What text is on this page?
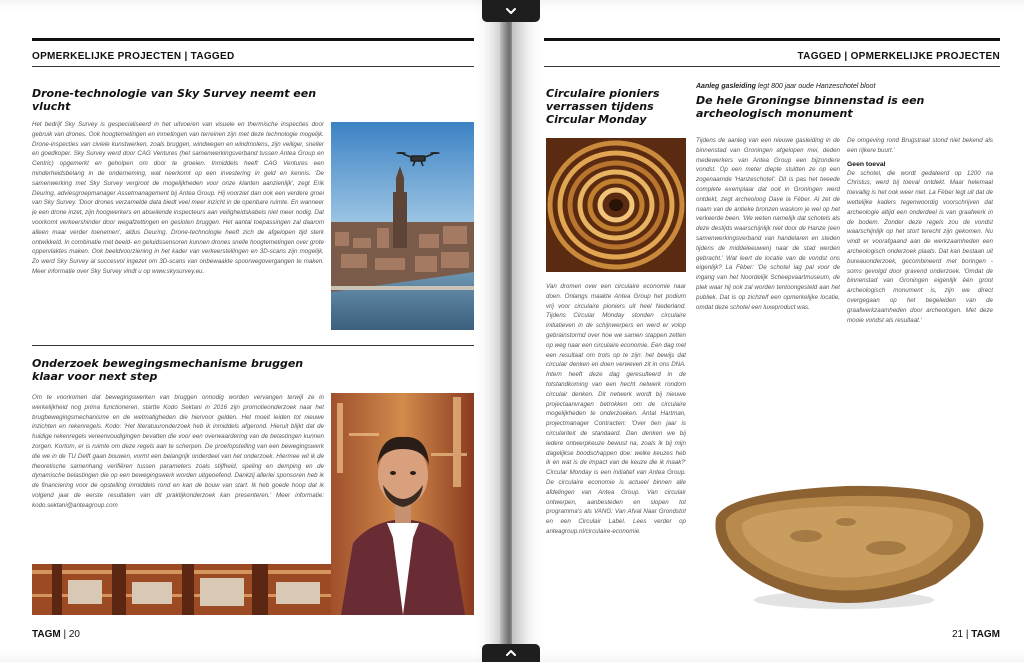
OPMERKELIJKE PROJECTEN | TAGGED
Drone-technologie van Sky Survey neemt een vlucht
Het bedrijf Sky Survey is gespecialiseerd in het uitvoeren van visuele en thermische inspecties door gebruik van drones. Ook hoogtemetingen en inmetingen van terreinen zijn met deze technologie mogelijk. Drone-inspecties van civiele kunstwerken, zoals bruggen, windwegen en windmolens, zijn veiliger, sneller en goedkoper. Sky Survey werd door CAG Ventures (het samenwerkingsverband tussen Antea Group en Centric) opgemerkt en geholpen om door te groeien. Inmiddels heeft CAG Ventures een minderheidsbelang in de onderneming, wat neerkomt op een investering in geld en kennis. 'De samenwerking met Sky Survey vergroot de mogelijkheden voor onze klanten aanzienlijk', zegt Erik Deuring, adviesgroepmanager Assetmanagement bij Antea Group. Hij voorziet dan ook een verdere groei van Sky Survey. 'Door drones verzamelde data biedt veel meer inzicht in de openbare ruimte. En wanneer je een drone inzet, zijn hoogwerkers en abseilende inspecteurs aan veiligheidskabels niet meer nodig. Dat voorkomt verkeershinder door wegafzettingen en gesloten bruggen. Het aantal toepassingen zal daarom alleen maar verder toenemen', aldus Deuring. Drone-technologie heeft zich de afgelopen tijd sterk ontwikkeld. In combinatie met beeld- en geluidssensoren kunnen drones snelle hoogtemetingen over grote oppervlaktes maken. Ook beeldvoorziening in het kader van verkeerstellingen en 3D-scans zijn mogelijk. Zo werd Sky Survey al succesvol ingezet om 3D-scans van onbewaakte spoorwegovergangen te maken. Meer informatie over Sky Survey vindt u op www.skysurvey.eu.
Onderzoek bewegingsmechanisme bruggen klaar voor next step
Om te voorkomen dat bewegingswerken van bruggen onnodig worden vervangen terwijl ze in werkelijkheid nog prima functioneren, startte Kodo Sektani in 2016 zijn promotieonderzoek naar het brugbewegingsmechanisme en de wetmatigheden die hiervoor gelden. Het moeit leiden tot nieuwe inzichten en rekenregels. Kodo: 'Het literatuuronderzoek heb ik inmiddels afgerond. Hieruit blijkt dat de huidige rekenregels vereenvoudigingen bevatten die voor een overwaardering van de belastingen kunnen zorgen. Kortom, er is ruimte om deze regels aan te scherpen. De proefopstelling van een bewegingswerk die we in de TU Delft gaan bouwen, vormt een belangrijk onderdeel van het onderzoek. Hiermee wil ik de theoretische samenhang verifiëren tussen parameters zoals stijfheid, speling en demping en de dynamische belastingen die op een bewegingswerk worden uitgeoefend. Dankzij allerlei sponsoren heb ik de financiering voor de opstelling inmiddels rond en kan de bouw van start. Ik heb goede hoop dat ik volgend jaar de eerste resultaten van dit praktijkonderzoek kan presenteren.' Meer informatie: kodo.sektani@anteagroup.com
TAGM | 20
TAGGED | OPMERKELIJKE PROJECTEN
Circulaire pioniers verrassen tijdens Circular Monday
Van dromen over een circulaire economie naar doen. Onlangs maakte Antea Group het podium vrij voor circulaire pioniers uit heel Nederland. Tijdens Circular Monday stonden circulaire initiatieven in de schijnwerpers en werd er volop gebrainstormd over hoe we samen stappen zetten op weg naar een circulaire economie. Een dag met een resultaat om trots op te zijn: het bewijs dat circulair denken en doen verweven zit in ons DNA. Intern heeft deze dag geresulteerd in de totstandkoming van een hecht netwerk rondom circulair denken. Dit netwerk wordt bij nieuwe projectaanvragen betrokken om de circulaire mogelijkheden te onderzoeken. Antal Hartman, projectmanager Contracten: 'Over tien jaar is circulariteit de standaard. Dan denken we bij iedere ontwerpkeuze bewust na, zoals ik bij mijn dagelijkse boodschappen doe: welke keuzes heb ik en wat is de impact van de keuze die ik maak?' Circular Monday is een initiatief van Antea Group. De circulaire economie is actueel binnen alle afdelingen van Antea Group. Van circulair ontwerpen, aanbesteden en slopen tot programma's als VANG: Van Afval Naar Grondstof en een Circulair Label. Lees verder op anteagroup.nl/circulaire-economie.
Aanleg gasleiding legt 800 jaar oude Hanzeschotel bloot
De hele Groningse binnenstad is een archeologisch monument
Tijdens de aanleg van een nieuwe gasleiding in de binnenstad van Groningen afgelopen mei, deden medewerkers van Antea Group een bijzondere vondst. Op een meter diepte stuitten ze op een zogenaamde 'Hanzeschotel'. Dit is pas het tweede complete exemplaar dat ooit in Groningen werd ontdekt, zegt archeoloog Dave la Fèber. Al zet de naam van de antieke bronzen waskom je wel op het verkeerde been. 'We weten namelijk dat schotels als deze destijds waarschijnlijk niet door de Hanze (een samenwerkingsverband van handelaren en steden tijdens de middeleeuwen) naar de stad werden gebracht.' Wat leert de locatie van de vondst ons eigenlijk? La Fèber: 'De schotel lag pal voor de ingang van het Noordelijk Scheepvaartmuseum, de plek waar hij ook zal worden tentoongesteld aan het publiek. Dat is op zichzelf een opmerkelijke locatie, omdat deze schotel een luxeproduct was.

De omgeving rond Brugstraat stond niet bekend als een rijkere buurt.'

Geen toeval

De schotel, die wordt gedateerd op 1200 na Christus, werd bij toeval ontdekt. Maar helemaal toevallig is het ook weer niet. La Fèber legt uit dat de wettelijke kaders tegenwoordig voorschrijven dat archeologie altijd een onderdeel is van graafwerk in de bodem. Zonder deze regels zou de vondst waarschijnlijk op het stort terecht zijn gekomen. Nu vindt er voorafgaand aan de werkzaamheden een archeologisch onderzoek plaats. Dat kan bestaan uit bureauonderzoek, gecombineerd met boringen - soms gevolgd door gravend onderzoek. 'Omdat de binnenstad van Groningen eigenlijk één groot archeologisch monument is, zijn we direct overgegaan op het begeleiden van de graafwerkzaamheden door archeologen. Met deze mooie vondst als resultaat.'

21 | TAGM
